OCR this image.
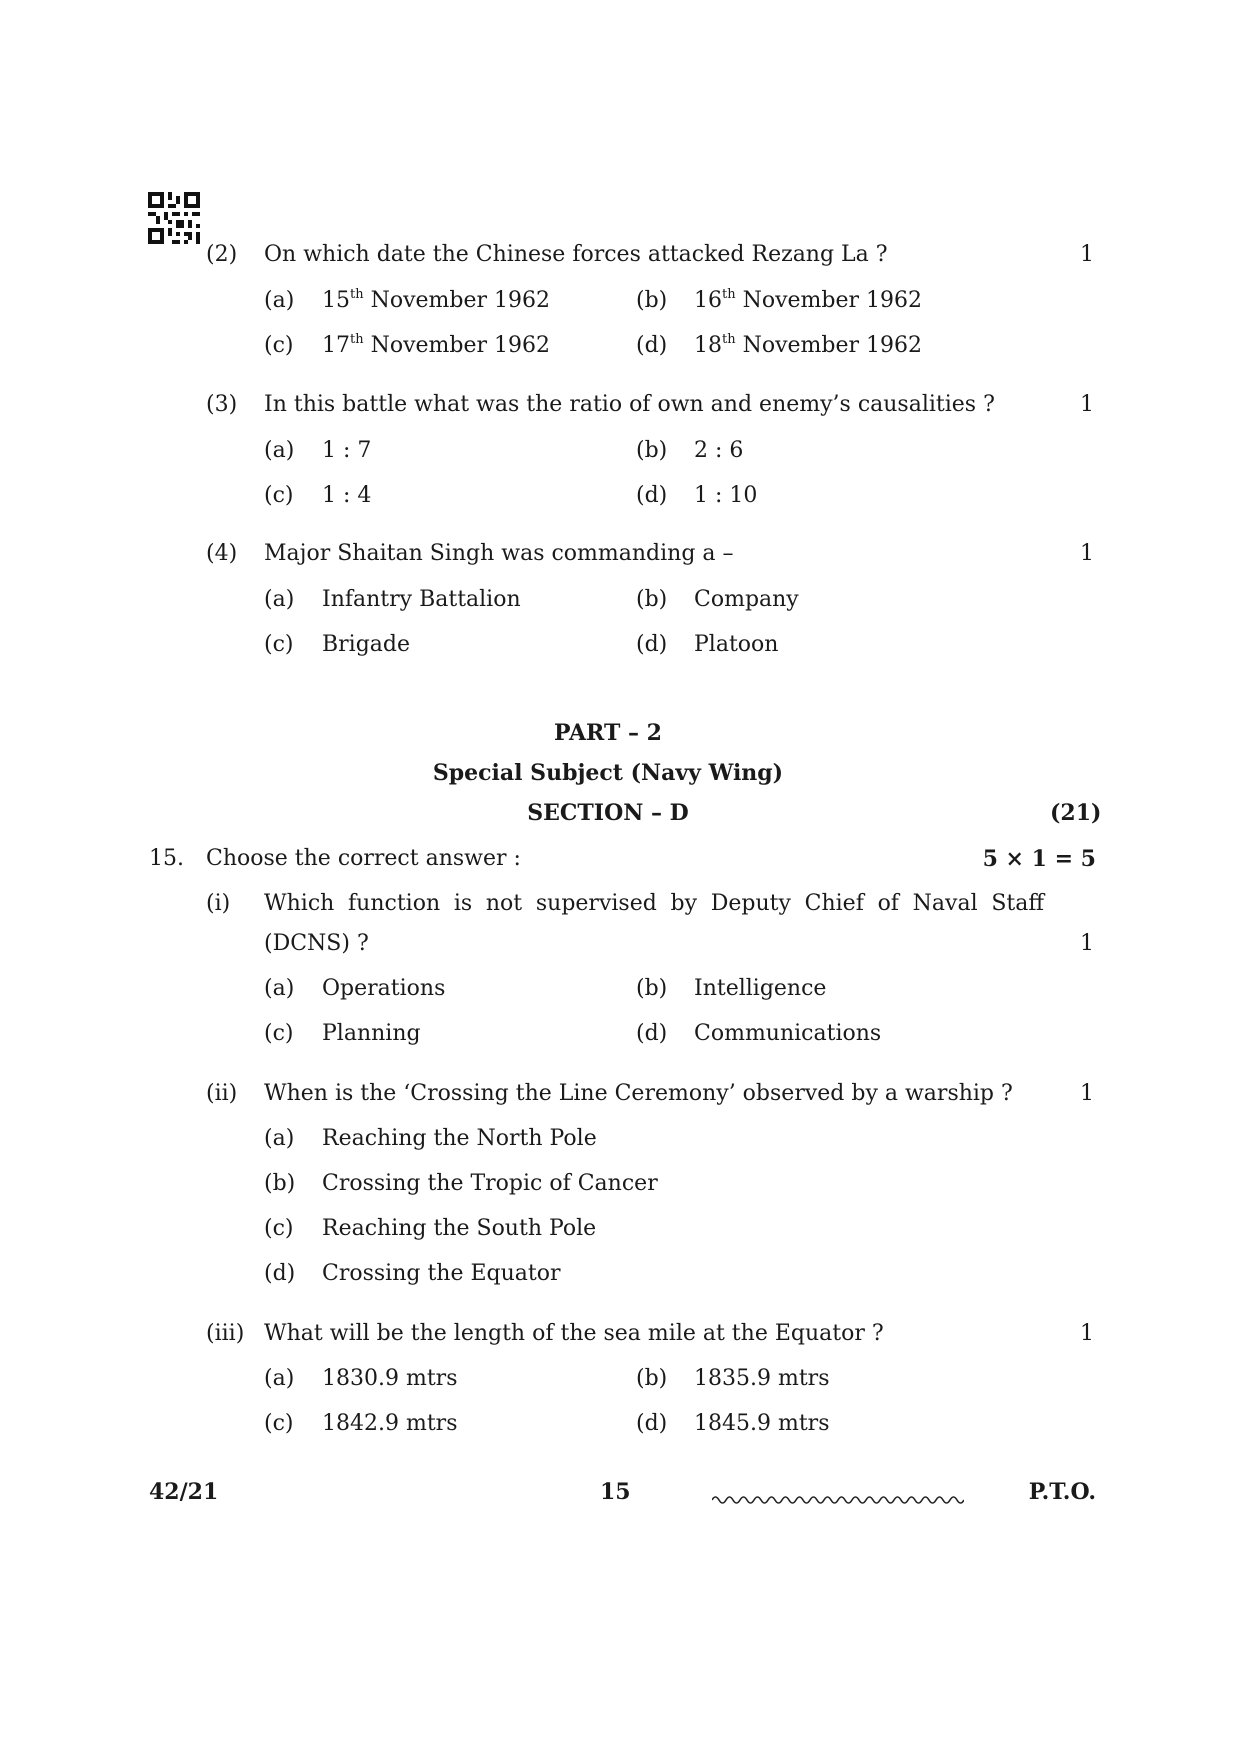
(2) On which date the Chinese forces attacked Rezang La ?	1
(a) 15th November 1962	(b) 16th November 1962
(c) 17th November 1962	(d) 18th November 1962
(3) In this battle what was the ratio of own and enemy’s causalities ?	1
(a) 1 : 7	(b) 2 : 6
(c) 1 : 4	(d) 1 : 10
(4) Major Shaitan Singh was commanding a –	1
(a) Infantry Battalion	(b) Company
(c) Brigade	(d) Platoon
PART – 2
Special Subject (Navy Wing)
SECTION – D	(21)
15. Choose the correct answer :	5 × 1 = 5
(i) Which function is not supervised by Deputy Chief of Naval Staff
(DCNS) ?	1
(a) Operations	(b) Intelligence
(c) Planning	(d) Communications
(ii) When is the ‘Crossing the Line Ceremony’ observed by a warship ?	1
(a) Reaching the North Pole
(b) Crossing the Tropic of Cancer
(c) Reaching the South Pole
(d) Crossing the Equator
(iii) What will be the length of the sea mile at the Equator ?	1
(a) 1830.9 mtrs	(b) 1835.9 mtrs
(c) 1842.9 mtrs	(d) 1845.9 mtrs
42/21	15	P.T.O.
